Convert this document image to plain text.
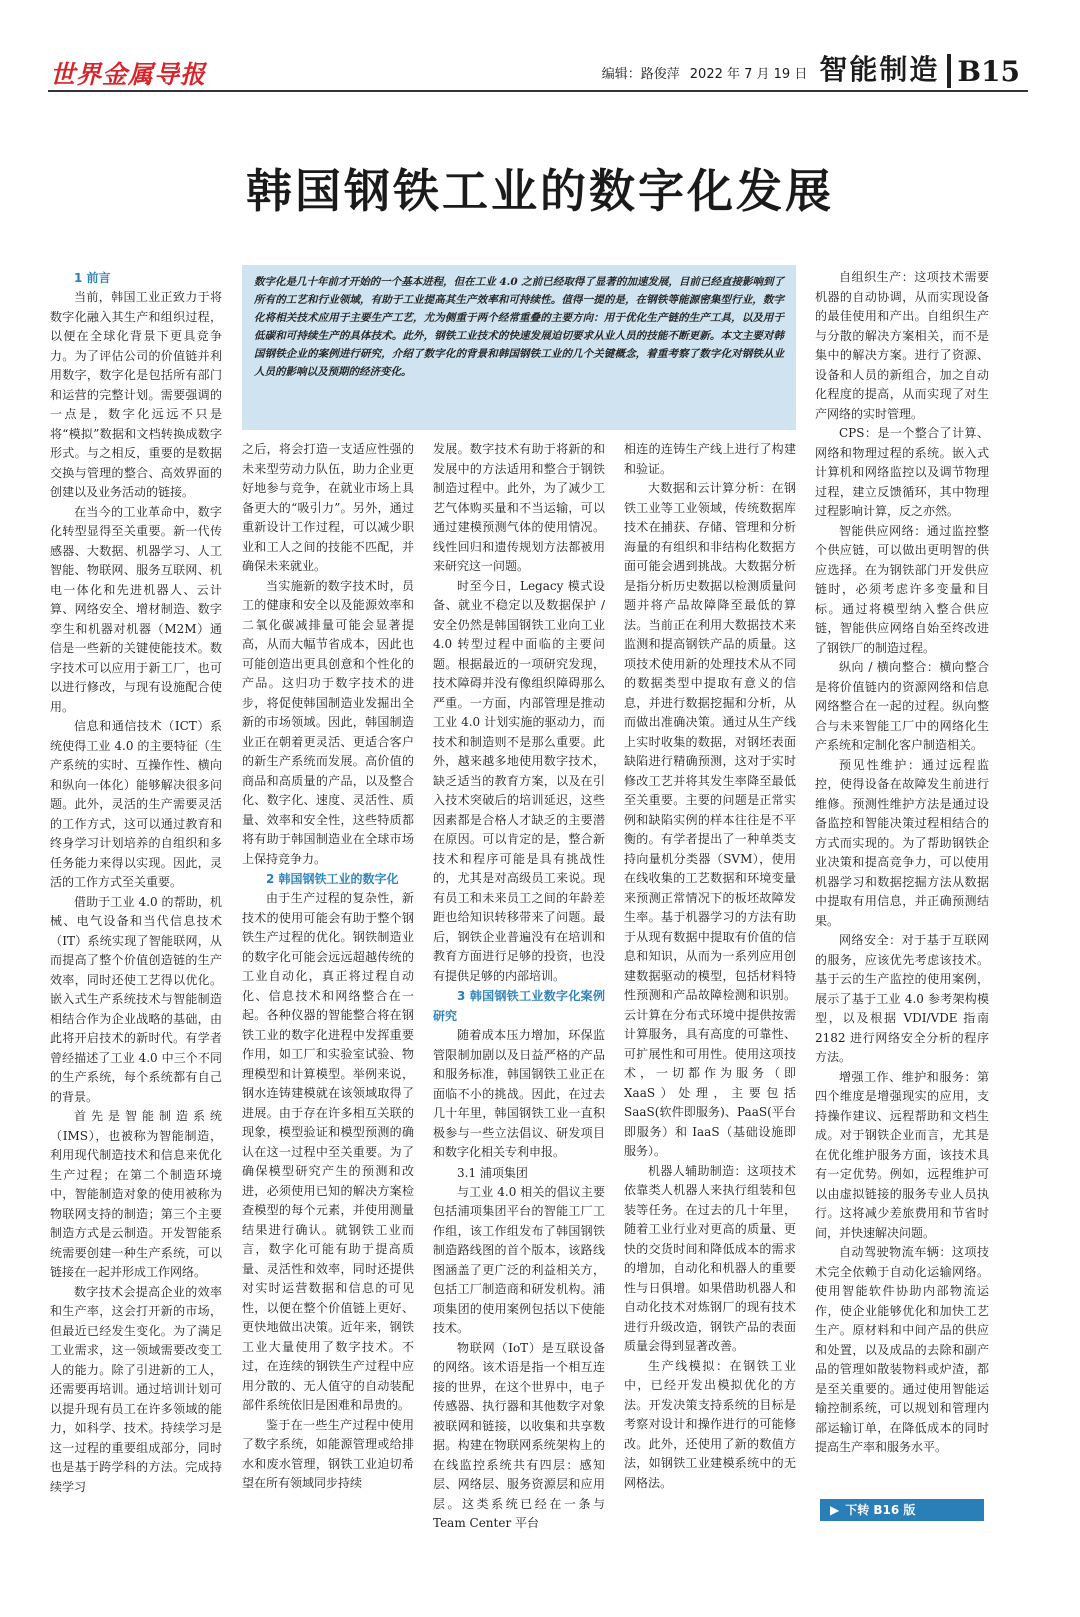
世界金属导报	编辑：路俊萍 2022 年 7 月 19 日 智能制造 B15
韩国钢铁工业的数字化发展
数字化是几十年前才开始的一个基本进程，但在工业 4.0 之前已经取得了显著的加速发展，目前已经直接影响到了所有的工艺和行业领域，有助于工业提高其生产效率和可持续性。值得一提的是，在钢铁等能源密集型行业，数字化将相关技术应用于主要生产工艺，尤为侧重于两个经常重叠的主要方向：用于优化生产链的生产工具，以及用于低碳和可持续生产的具体技术。此外，钢铁工业技术的快速发展迫切要求从业人员的技能不断更新。本文主要对韩国钢铁企业的案例进行研究，介绍了数字化的背景和韩国钢铁工业的几个关键概念，着重考察了数字化对钢铁从业人员的影响以及预期的经济变化。
1 前言

当前，韩国工业正致力于将数字化融入其生产和组织过程，以便在全球化背景下更具竞争力。为了评估公司的价值链并利用数字，数字化是包括所有部门和运营的完整计划。需要强调的一点是，数字化远远不只是将“模拟”数据和文档转换成数字形式。与之相反，重要的是数据交换与管理的整合、高效界面的创建以及业务活动的链接。

在当今的工业革命中，数字化转型显得至关重要。新一代传感器、大数据、机器学习、人工智能、物联网、服务互联网、机电一体化和先进机器人、云计算、网络安全、增材制造、数字孪生和机器对机器（M2M）通信是一些新的关键使能技术。数字技术可以应用于新工厂，也可以进行修改，与现有设施配合使用。

信息和通信技术（ICT）系统使得工业 4.0 的主要特征（生产系统的实时、互操作性、横向和纵向一体化）能够解决很多问题。此外，灵活的生产需要灵活的工作方式，这可以通过教育和终身学习计划培养的自组织和多任务能力来得以实现。因此，灵活的工作方式至关重要。

借助于工业 4.0 的帮助，机械、电气设备和当代信息技术（IT）系统实现了智能联网，从而提高了整个价值创造链的生产效率，同时还使工艺得以优化。嵌入式生产系统技术与智能制造相结合作为企业战略的基础，由此将开启技术的新时代。有学者曾经描述了工业 4.0 中三个不同的生产系统，每个系统都有自己的背景。

首先是智能制造系统（IMS），也被称为智能制造，利用现代制造技术和信息来优化生产过程；在第二个制造环境中，智能制造对象的使用被称为物联网支持的制造；第三个主要制造方式是云制造。开发智能系统需要创建一种生产系统，可以链接在一起并形成工作网络。

数字技术会提高企业的效率和生产率，这会打开新的市场，但最近已经发生变化。为了满足工业需求，这一领域需要改变工人的能力。除了引进新的工人，还需要再培训。通过培训计划可以提升现有员工在许多领域的能力，如科学、技术。持续学习是这一过程的重要组成部分，同时也是基于跨学科的方法。完成持续学习

之后，将会打造一支适应性强的未来型劳动力队伍，助力企业更好地参与竞争，在就业市场上具备更大的“吸引力”。另外，通过重新设计工作过程，可以减少职业和工人之间的技能不匹配，并确保未来就业。

当实施新的数字技术时，员工的健康和安全以及能源效率和二氧化碳减排量可能会显著提高，从而大幅节省成本，因此也可能创造出更具创意和个性化的产品。这归功于数字技术的进步，将促使韩国制造业发掘出全新的市场领域。因此，韩国制造业正在朝着更灵活、更适合客户的新生产系统而发展。高价值的商品和高质量的产品，以及整合化、数字化、速度、灵活性、质量、效率和安全性，这些特质都将有助于韩国制造业在全球市场上保持竞争力。

2 韩国钢铁工业的数字化

由于生产过程的复杂性，新技术的使用可能会有助于整个钢铁生产过程的优化。钢铁制造业的数字化可能会远远超越传统的工业自动化，真正将过程自动化、信息技术和网络整合在一起。各种仪器的智能整合将在钢铁工业的数字化进程中发挥重要作用，如工厂和实验室试验、物理模型和计算模型。举例来说，钢水连铸建模就在该领域取得了进展。由于存在许多相互关联的现象，模型验证和模型预测的确认在这一过程中至关重要。为了确保模型研究产生的预测和改进，必须使用已知的解决方案检查模型的每个元素，并使用测量结果进行确认。就钢铁工业而言，数字化可能有助于提高质量、灵活性和效率，同时还提供对实时运营数据和信息的可见性，以便在整个价值链上更好、更快地做出决策。近年来，钢铁工业大量使用了数字技术。不过，在连续的钢铁生产过程中应用分散的、无人值守的自动装配部件系统依旧是困难和昂贵的。

鉴于在一些生产过程中使用了数字系统，如能源管理或给排水和废水管理，钢铁工业迫切希望在所有领域同步持续

发展。数字技术有助于将新的和发展中的方法适用和整合于钢铁制造过程中。此外，为了减少工艺气体购买量和不当运输，可以通过建模预测气体的使用情况。线性回归和遗传规划方法都被用来研究这一问题。

时至今日，Legacy 模式设备、就业不稳定以及数据保护 / 安全仍然是韩国钢铁工业向工业 4.0 转型过程中面临的主要问题。根据最近的一项研究发现，技术障碍并没有像组织障碍那么严重。一方面，内部管理是推动工业 4.0 计划实施的驱动力，而技术和制造则不是那么重要。此外，越来越多地使用数字技术，缺乏适当的教育方案，以及在引入技术突破后的培训延迟，这些因素都是合格人才缺乏的主要潜在原因。可以肯定的是，整合新技术和程序可能是具有挑战性的，尤其是对高级员工来说。现有员工和未来员工之间的年龄差距也给知识转移带来了问题。最后，钢铁企业普遍没有在培训和教育方面进行足够的投资，也没有提供足够的内部培训。

3 韩国钢铁工业数字化案例研究

随着成本压力增加，环保监管限制加剧以及日益严格的产品和服务标准，韩国钢铁工业正在面临不小的挑战。因此，在过去几十年里，韩国钢铁工业一直积极参与一些立法倡议、研发项目和数字化相关专利申报。

3.1 浦项集团

与工业 4.0 相关的倡议主要包括浦项集团平台的智能工厂工作组，该工作组发布了韩国钢铁制造路线图的首个版本，该路线图涵盖了更广泛的利益相关方，包括工厂制造商和研发机构。浦项集团的使用案例包括以下使能技术。

物联网（IoT）是互联设备的网络。该术语是指一个相互连接的世界，在这个世界中，电子传感器、执行器和其他数字对象被联网和链接，以收集和共享数据。构建在物联网系统架构上的在线监控系统共有四层：感知层、网络层、服务资源层和应用层。这类系统已经在一条与 Team Center 平台

相连的连铸生产线上进行了构建和验证。

大数据和云计算分析：在钢铁工业等工业领域，传统数据库技术在捕获、存储、管理和分析海量的有组织和非结构化数据方面可能会遇到挑战。大数据分析是指分析历史数据以检测质量问题并将产品故障降至最低的算法。当前正在利用大数据技术来监测和提高钢铁产品的质量。这项技术使用新的处理技术从不同的数据类型中提取有意义的信息，并进行数据挖掘和分析，从而做出准确决策。通过从生产线上实时收集的数据，对钢坯表面缺陷进行精确预测，这对于实时修改工艺并将其发生率降至最低至关重要。主要的问题是正常实例和缺陷实例的样本往往是不平衡的。有学者提出了一种单类支持向量机分类器（SVM），使用在线收集的工艺数据和环境变量来预测正常情况下的板坯故障发生率。基于机器学习的方法有助于从现有数据中提取有价值的信息和知识，从而为一系列应用创建数据驱动的模型，包括材料特性预测和产品故障检测和识别。云计算在分布式环境中提供按需计算服务，具有高度的可靠性、可扩展性和可用性。使用这项技术，一切都作为服务（即 XaaS）处理，主要包括 SaaS(软件即服务)、PaaS(平台即服务）和 IaaS（基础设施即服务）。

机器人辅助制造：这项技术依靠类人机器人来执行组装和包装等任务。在过去的几十年里，随着工业行业对更高的质量、更快的交货时间和降低成本的需求的增加，自动化和机器人的重要性与日俱增。如果借助机器人和自动化技术对炼钢厂的现有技术进行升级改造，钢铁产品的表面质量会得到显著改善。

生产线模拟：在钢铁工业中，已经开发出模拟优化的方法。开发决策支持系统的目标是考察对设计和操作进行的可能修改。此外，还使用了新的数值方法，如钢铁工业建模系统中的无网格法。

自组织生产：这项技术需要机器的自动协调，从而实现设备的最佳使用和产出。自组织生产与分散的解决方案相关，而不是集中的解决方案。进行了资源、设备和人员的新组合，加之自动化程度的提高，从而实现了对生产网络的实时管理。

CPS：是一个整合了计算、网络和物理过程的系统。嵌入式计算机和网络监控以及调节物理过程，建立反馈循环，其中物理过程影响计算，反之亦然。

智能供应网络：通过监控整个供应链，可以做出更明智的供应选择。在为钢铁部门开发供应链时，必须考虑许多变量和目标。通过将模型纳入整合供应链，智能供应网络自始至终改进了钢铁厂的制造过程。

纵向 / 横向整合：横向整合是将价值链内的资源网络和信息网络整合在一起的过程。纵向整合与未来智能工厂中的网络化生产系统和定制化客户制造相关。

预见性维护：通过远程监控，使得设备在故障发生前进行维修。预测性维护方法是通过设备监控和智能决策过程相结合的方式而实现的。为了帮助钢铁企业决策和提高竞争力，可以使用机器学习和数据挖掘方法从数据中提取有用信息，并正确预测结果。

网络安全：对于基于互联网的服务，应该优先考虑该技术。基于云的生产监控的使用案例，展示了基于工业 4.0 参考架构模型，以及根据 VDI/VDE 指南 2182 进行网络安全分析的程序方法。

增强工作、维护和服务：第四个维度是增强现实的应用，支持操作建议、远程帮助和文档生成。对于钢铁企业而言，尤其是在优化维护服务方面，该技术具有一定优势。例如，远程维护可以由虚拟链接的服务专业人员执行。这将减少差旅费用和节省时间，并快速解决问题。

自动驾驶物流车辆：这项技术完全依赖于自动化运输网络。使用智能软件协助内部物流运作，使企业能够优化和加快工艺生产。原材料和中间产品的供应和处置，以及成品的去除和副产品的管理如散装物料或炉渣，都是至关重要的。通过使用智能运输控制系统，可以规划和管理内部运输订单，在降低成本的同时提高生产率和服务水平。

▶ 下转 B16 版
